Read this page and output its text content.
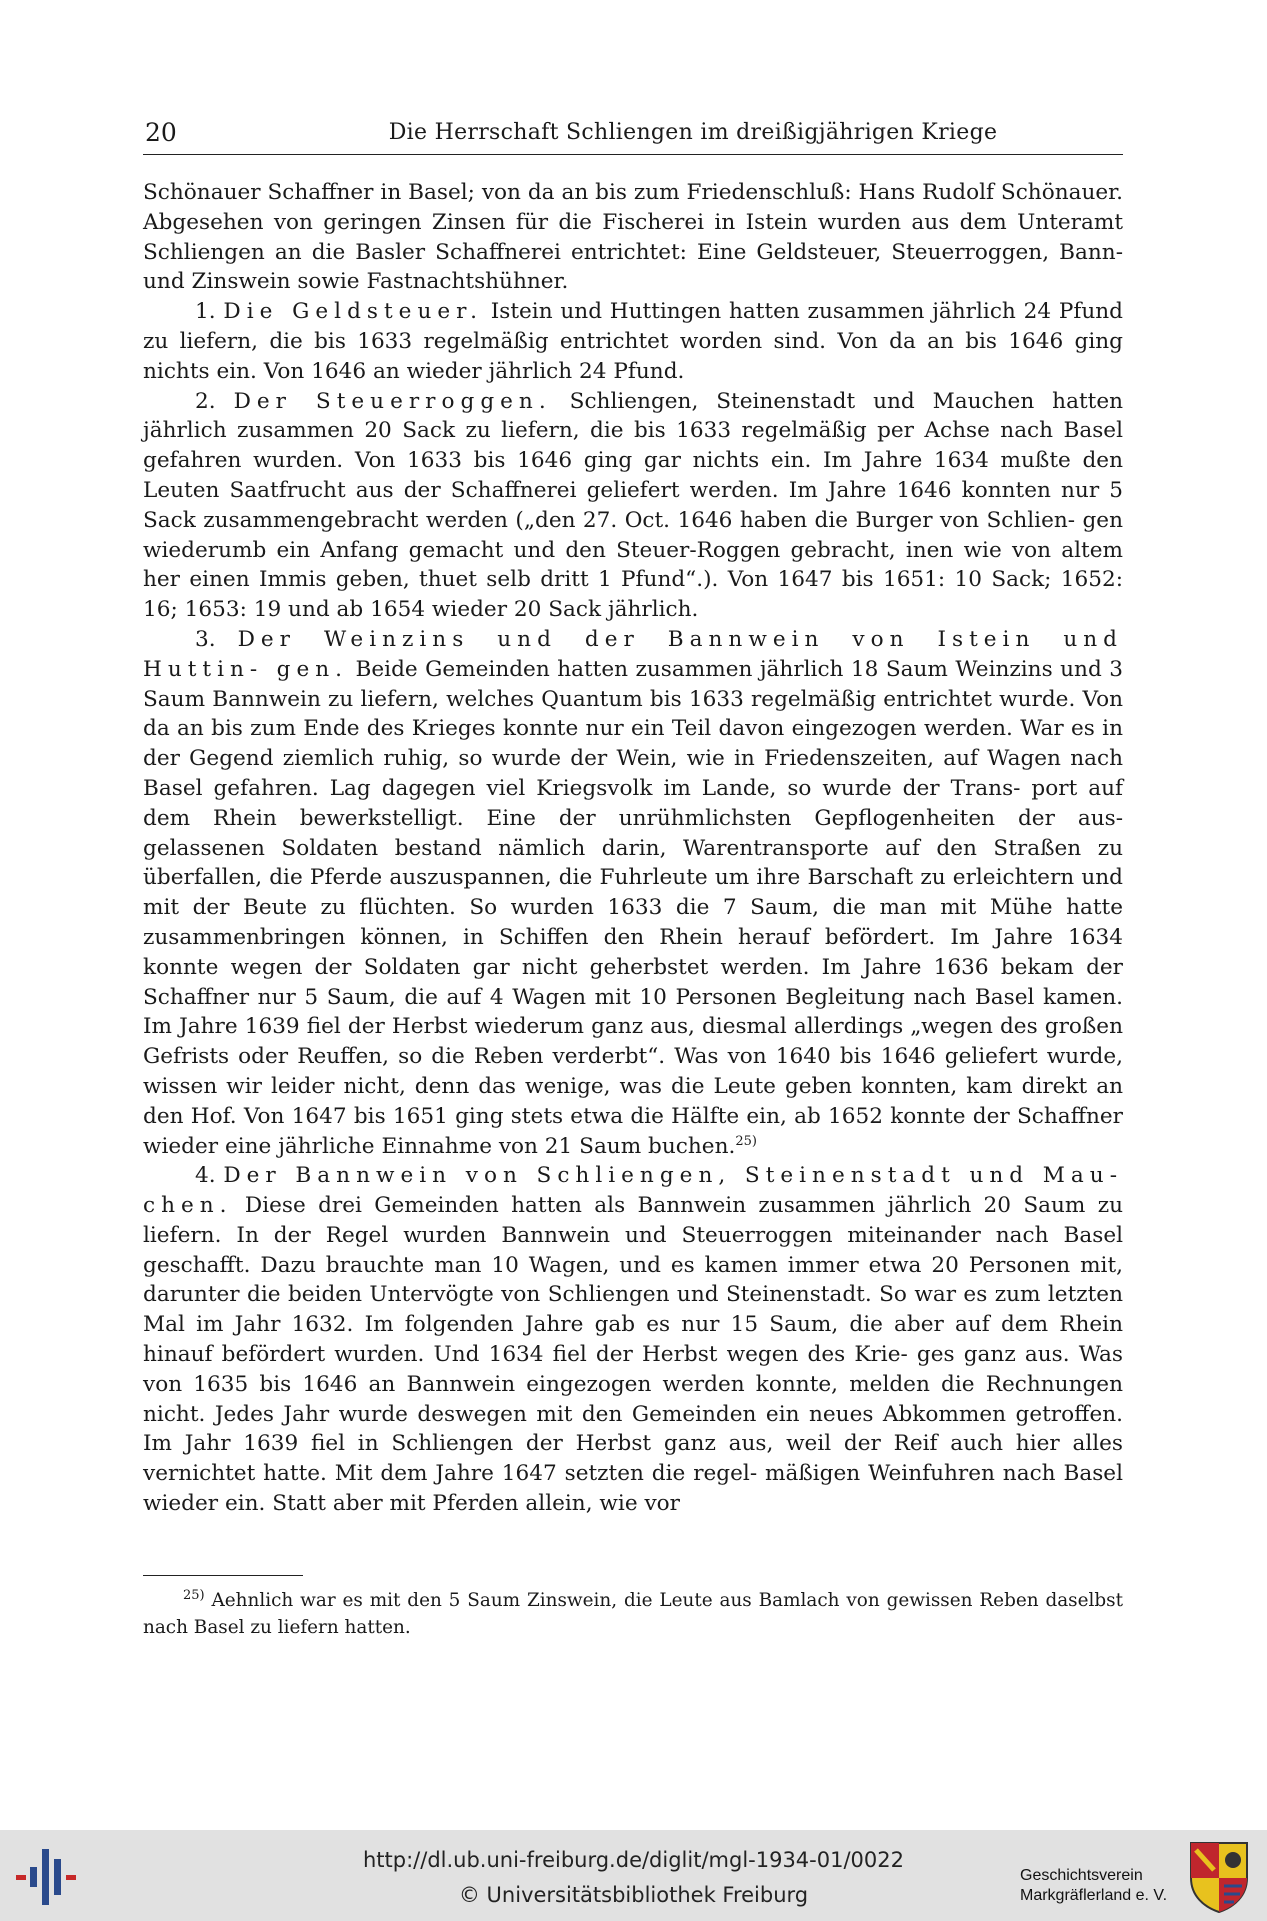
20	Die Herrschaft Schliengen im dreißigjährigen Kriege

Schönauer Schaffner in Basel; von da an bis zum Friedenschluß: Hans Rudolf Schönauer. Abgesehen von geringen Zinsen für die Fischerei in Istein wurden aus dem Unteramt Schliengen an die Basler Schaffnerei entrichtet: Eine Geldsteuer, Steuerroggen, Bann- und Zinswein sowie Fastnachtshühner.

1. Die Geldsteuer. Istein und Huttingen hatten zusammen jährlich 24 Pfund zu liefern, die bis 1633 regelmäßig entrichtet worden sind. Von da an bis 1646 ging nichts ein. Von 1646 an wieder jährlich 24 Pfund.

2. Der Steuerroggen. Schliengen, Steinenstadt und Mauchen hatten jährlich zusammen 20 Sack zu liefern, die bis 1633 regelmäßig per Achse nach Basel gefahren wurden. Von 1633 bis 1646 ging gar nichts ein. Im Jahre 1634 mußte den Leuten Saatfrucht aus der Schaffnerei geliefert werden. Im Jahre 1646 konnten nur 5 Sack zusammengebracht werden („den 27. Oct. 1646 haben die Burger von Schlien- gen wiederumb ein Anfang gemacht und den Steuer-Roggen gebracht, inen wie von altem her einen Immis geben, thuet selb dritt 1 Pfund“.). Von 1647 bis 1651: 10 Sack; 1652: 16; 1653: 19 und ab 1654 wieder 20 Sack jährlich.

3. Der Weinzins und der Bannwein von Istein und Huttin- gen. Beide Gemeinden hatten zusammen jährlich 18 Saum Weinzins und 3 Saum Bannwein zu liefern, welches Quantum bis 1633 regelmäßig entrichtet wurde. Von da an bis zum Ende des Krieges konnte nur ein Teil davon eingezogen werden. War es in der Gegend ziemlich ruhig, so wurde der Wein, wie in Friedenszeiten, auf Wagen nach Basel gefahren. Lag dagegen viel Kriegsvolk im Lande, so wurde der Trans- port auf dem Rhein bewerkstelligt. Eine der unrühmlichsten Gepflogenheiten der aus- gelassenen Soldaten bestand nämlich darin, Warentransporte auf den Straßen zu überfallen, die Pferde auszuspannen, die Fuhrleute um ihre Barschaft zu erleichtern und mit der Beute zu flüchten. So wurden 1633 die 7 Saum, die man mit Mühe hatte zusammenbringen können, in Schiffen den Rhein herauf befördert. Im Jahre 1634 konnte wegen der Soldaten gar nicht geherbstet werden. Im Jahre 1636 bekam der Schaffner nur 5 Saum, die auf 4 Wagen mit 10 Personen Begleitung nach Basel kamen. Im Jahre 1639 fiel der Herbst wiederum ganz aus, diesmal allerdings „wegen des großen Gefrists oder Reuffen, so die Reben verderbt“. Was von 1640 bis 1646 geliefert wurde, wissen wir leider nicht, denn das wenige, was die Leute geben konnten, kam direkt an den Hof. Von 1647 bis 1651 ging stets etwa die Hälfte ein, ab 1652 konnte der Schaffner wieder eine jährliche Einnahme von 21 Saum buchen.$^{25)}$

4. Der Bannwein von Schliengen, Steinenstadt und Mau- chen. Diese drei Gemeinden hatten als Bannwein zusammen jährlich 20 Saum zu liefern. In der Regel wurden Bannwein und Steuerroggen miteinander nach Basel geschafft. Dazu brauchte man 10 Wagen, und es kamen immer etwa 20 Personen mit, darunter die beiden Untervögte von Schliengen und Steinenstadt. So war es zum letzten Mal im Jahr 1632. Im folgenden Jahre gab es nur 15 Saum, die aber auf dem Rhein hinauf befördert wurden. Und 1634 fiel der Herbst wegen des Krie- ges ganz aus. Was von 1635 bis 1646 an Bannwein eingezogen werden konnte, melden die Rechnungen nicht. Jedes Jahr wurde deswegen mit den Gemeinden ein neues Abkommen getroffen. Im Jahr 1639 fiel in Schliengen der Herbst ganz aus, weil der Reif auch hier alles vernichtet hatte. Mit dem Jahre 1647 setzten die regel- mäßigen Weinfuhren nach Basel wieder ein. Statt aber mit Pferden allein, wie vor

$^{25)}$ Aehnlich war es mit den 5 Saum Zinswein, die Leute aus Bamlach von gewissen Reben daselbst nach Basel zu liefern hatten.

http://dl.ub.uni-freiburg.de/diglit/mgl-1934-01/0022
© Universitätsbibliothek Freiburg
Geschichtsverein
Markgräflerland e. V.
